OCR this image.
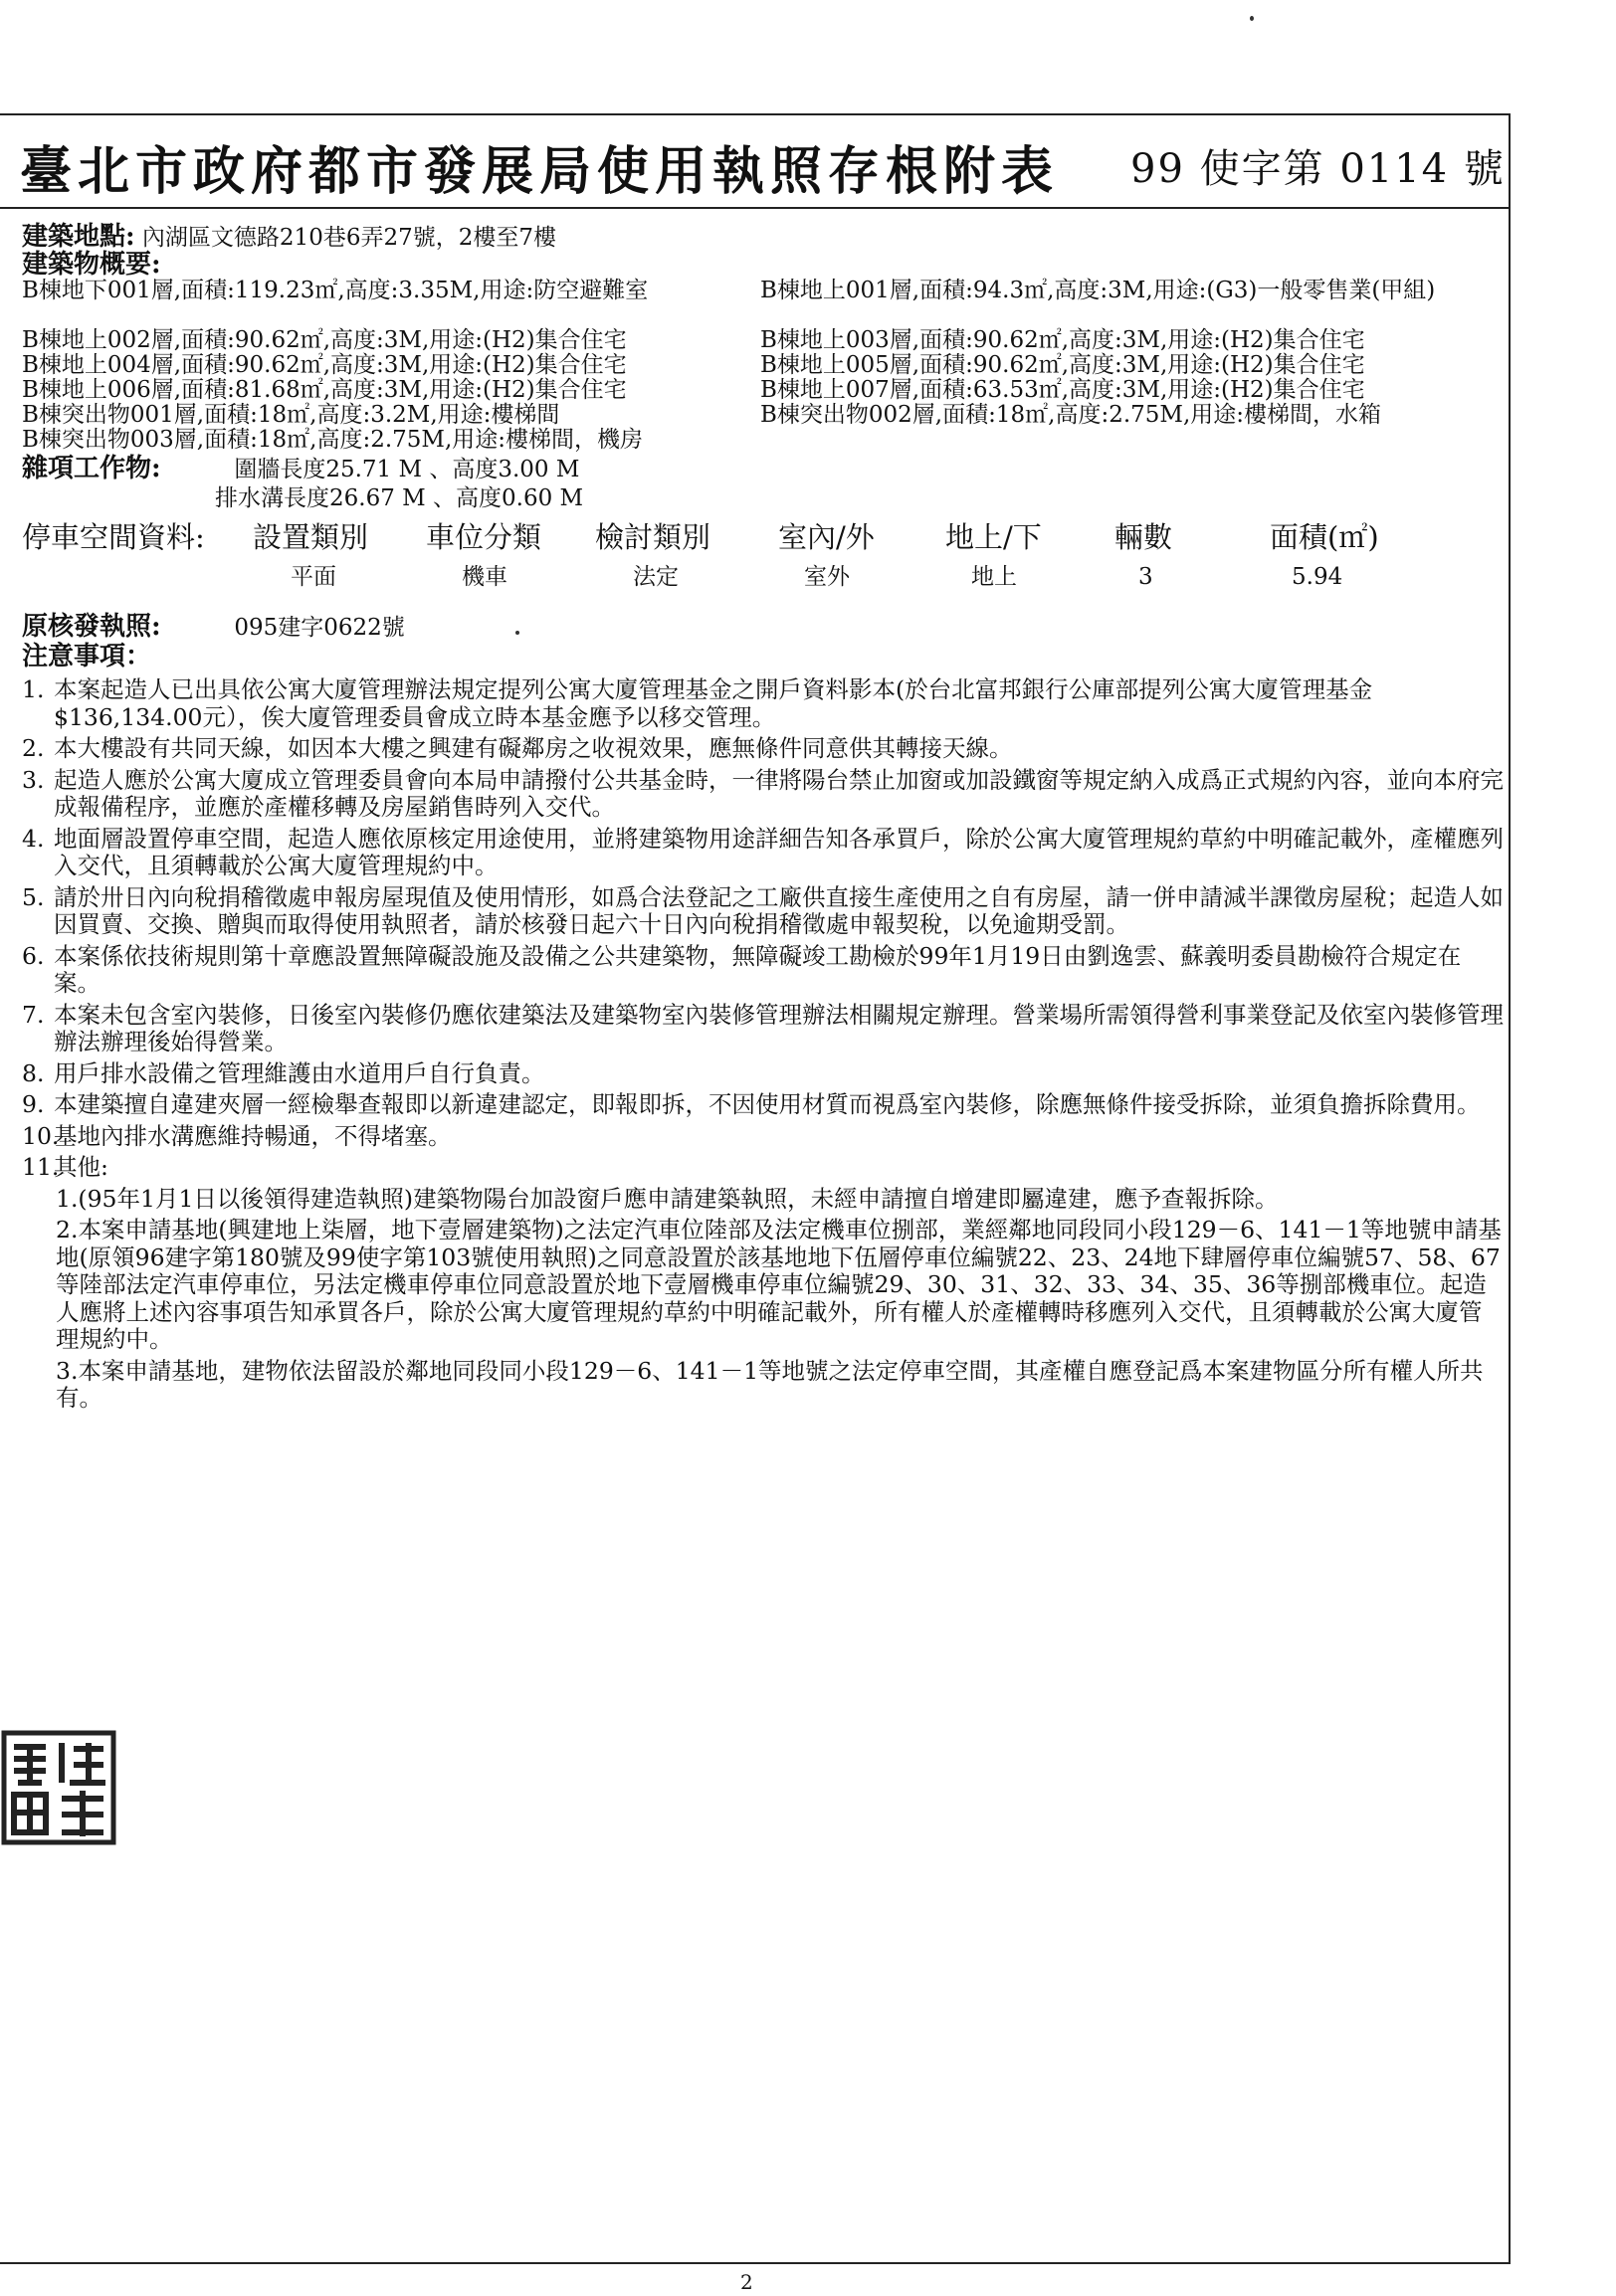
臺北市政府都市發展局使用執照存根附表 99 使字第 0114 號
建築地點: 內湖區文德路210巷6弄27號，2樓至7樓
建築物概要:
B棟地下001層,面積:119.23㎡,高度:3.35M,用途:防空避難室	B棟地上001層,面積:94.3㎡,高度:3M,用途:(G3)一般零售業(甲組)
B棟地上002層,面積:90.62㎡,高度:3M,用途:(H2)集合住宅	B棟地上003層,面積:90.62㎡,高度:3M,用途:(H2)集合住宅
B棟地上004層,面積:90.62㎡,高度:3M,用途:(H2)集合住宅	B棟地上005層,面積:90.62㎡,高度:3M,用途:(H2)集合住宅
B棟地上006層,面積:81.68㎡,高度:3M,用途:(H2)集合住宅	B棟地上007層,面積:63.53㎡,高度:3M,用途:(H2)集合住宅
B棟突出物001層,面積:18㎡,高度:3.2M,用途:樓梯間	B棟突出物002層,面積:18㎡,高度:2.75M,用途:樓梯間，水箱
B棟突出物003層,面積:18㎡,高度:2.75M,用途:樓梯間，機房
雜項工作物:	圍牆長度25.71 M 、高度3.00 M
排水溝長度26.67 M 、高度0.60 M
停車空間資料: 設置類別 車位分類 檢討類別 室內/外 地上/下	輛數	面積(㎡)
平面	機車	法定	室外	地上	3	5.94
原核發執照:	095建字0622號
注意事項：
1. 本案起造人已出具依公寓大廈管理辦法規定提列公寓大廈管理基金之開戶資料影本(於台北富邦銀行公庫部提列公寓大廈管理基金$136,134.00元），俟大廈管理委員會成立時本基金應予以移交管理。
2. 本大樓設有共同天線，如因本大樓之興建有礙鄰房之收視效果，應無條件同意供其轉接天線。
3. 起造人應於公寓大廈成立管理委員會向本局申請撥付公共基金時，一律將陽台禁止加窗或加設鐵窗等規定納入成爲正式規約內容，並向本府完成報備程序，並應於產權移轉及房屋銷售時列入交代。
4. 地面層設置停車空間，起造人應依原核定用途使用，並將建築物用途詳細告知各承買戶，除於公寓大廈管理規約草約中明確記載外，產權應列入交代，且須轉載於公寓大廈管理規約中。
5. 請於卅日內向稅捐稽徵處申報房屋現值及使用情形，如爲合法登記之工廠供直接生產使用之自有房屋，請一併申請減半課徵房屋稅；起造人如因買賣、交換、贈與而取得使用執照者，請於核發日起六十日內向稅捐稽徵處申報契稅，以免逾期受罰。
6. 本案係依技術規則第十章應設置無障礙設施及設備之公共建築物，無障礙竣工勘檢於99年1月19日由劉逸雲、蘇義明委員勘檢符合規定在案。
7. 本案未包含室內裝修，日後室內裝修仍應依建築法及建築物室內裝修管理辦法相關規定辦理。營業場所需領得營利事業登記及依室內裝修管理辦法辦理後始得營業。
8. 用戶排水設備之管理維護由水道用戶自行負責。
9. 本建築擅自違建夾層一經檢舉查報即以新違建認定，即報即拆，不因使用材質而視爲室內裝修，除應無條件接受拆除，並須負擔拆除費用。
10.
基地內排水溝應維持暢通，不得堵塞。
11.
其他:
1.(95年1月1日以後領得建造執照)建築物陽台加設窗戶應申請建築執照，未經申請擅自增建即屬違建，應予查報拆除。
2.本案申請基地(興建地上柒層，地下壹層建築物)之法定汽車位陸部及法定機車位捌部，業經鄰地同段同小段129－6、141－1等地號申請基地(原領96建字第180號及99使字第103號使用執照)之同意設置於該基地地下伍層停車位編號22、23、24地下肆層停車位編號57、58、67等陸部法定汽車停車位，另法定機車停車位同意設置於地下壹層機車停車位編號29、30、31、32、33、34、35、36等捌部機車位。起造人應將上述內容事項告知承買各戶，除於公寓大廈管理規約草約中明確記載外，所有權人於產權轉時移應列入交代，且須轉載於公寓大廈管理規約中。
3.本案申請基地，建物依法留設於鄰地同段同小段129－6、141－1等地號之法定停車空間，其產權自應登記爲本案建物區分所有權人所共有。
2
